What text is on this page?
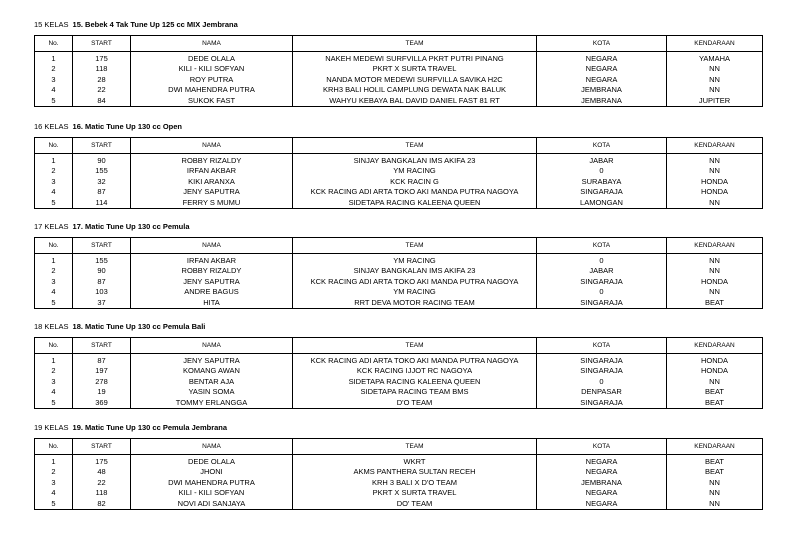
15 KELAS 15. Bebek 4 Tak Tune Up 125 cc MIX Jembrana
No.	START	NAMA	TEAM	KOTA	KENDARAAN
1	175	DEDE OLALA	NAKEH MEDEWI SURFVILLA PKRT PUTRI PINANG	NEGARA	YAMAHA
2	118	KILI - KILI SOFYAN	PKRT X SURTA TRAVEL	NEGARA	NN
3	28	ROY PUTRA	NANDA MOTOR MEDEWI SURFVILLA SAVIKA H2C	NEGARA	NN
4	22	DWI MAHENDRA PUTRA	KRH3 BALI HOLIL CAMPLUNG DEWATA NAK BALUK	JEMBRANA	NN
5	84	SUKOK FAST	WAHYU KEBAYA BAL DAVID DANIEL FAST 81 RT	JEMBRANA	JUPITER
16 KELAS 16. Matic Tune Up 130 cc Open
No.	START	NAMA	TEAM	KOTA	KENDARAAN
1	90	ROBBY RIZALDY	SINJAY BANGKALAN IMS AKIFA 23	JABAR	NN
2	155	IRFAN AKBAR	YM RACING	0	NN
3	32	KIKI ARANXA	KCK RACIN G	SURABAYA	HONDA
4	87	JENY SAPUTRA	KCK RACING ADI ARTA TOKO AKI MANDA PUTRA NAGOYA	SINGARAJA	HONDA
5	114	FERRY S MUMU	SIDETAPA RACING KALEENA QUEEN	LAMONGAN	NN
17 KELAS 17. Matic Tune Up 130 cc Pemula
No.	START	NAMA	TEAM	KOTA	KENDARAAN
1	155	IRFAN AKBAR	YM RACING	0	NN
2	90	ROBBY RIZALDY	SINJAY BANGKALAN IMS AKIFA 23	JABAR	NN
3	87	JENY SAPUTRA	KCK RACING ADI ARTA TOKO AKI MANDA PUTRA NAGOYA	SINGARAJA	HONDA
4	103	ANDRE BAGUS	YM RACING	0	NN
5	37	HITA	RRT DEVA MOTOR RACING TEAM	SINGARAJA	BEAT
18 KELAS 18. Matic Tune Up 130 cc Pemula Bali
No.	START	NAMA	TEAM	KOTA	KENDARAAN
1	87	JENY SAPUTRA	KCK RACING ADI ARTA TOKO AKI MANDA PUTRA NAGOYA	SINGARAJA	HONDA
2	197	KOMANG AWAN	KCK RACING IJJOT RC NAGOYA	SINGARAJA	HONDA
3	278	BENTAR AJA	SIDETAPA RACING KALEENA QUEEN	0	NN
4	19	YASIN SOMA	SIDETAPA RACING TEAM BMS	DENPASAR	BEAT
5	369	TOMMY ERLANGGA	D'O TEAM	SINGARAJA	BEAT
19 KELAS 19. Matic Tune Up 130 cc Pemula Jembrana
No.	START	NAMA	TEAM	KOTA	KENDARAAN
1	175	DEDE OLALA	WKRT	NEGARA	BEAT
2	48	JHONI	AKMS PANTHERA SULTAN RECEH	NEGARA	BEAT
3	22	DWI MAHENDRA PUTRA	KRH 3 BALI X D'O TEAM	JEMBRANA	NN
4	118	KILI - KILI SOFYAN	PKRT X SURTA TRAVEL	NEGARA	NN
5	82	NOVI ADI SANJAYA	DO' TEAM	NEGARA	NN
